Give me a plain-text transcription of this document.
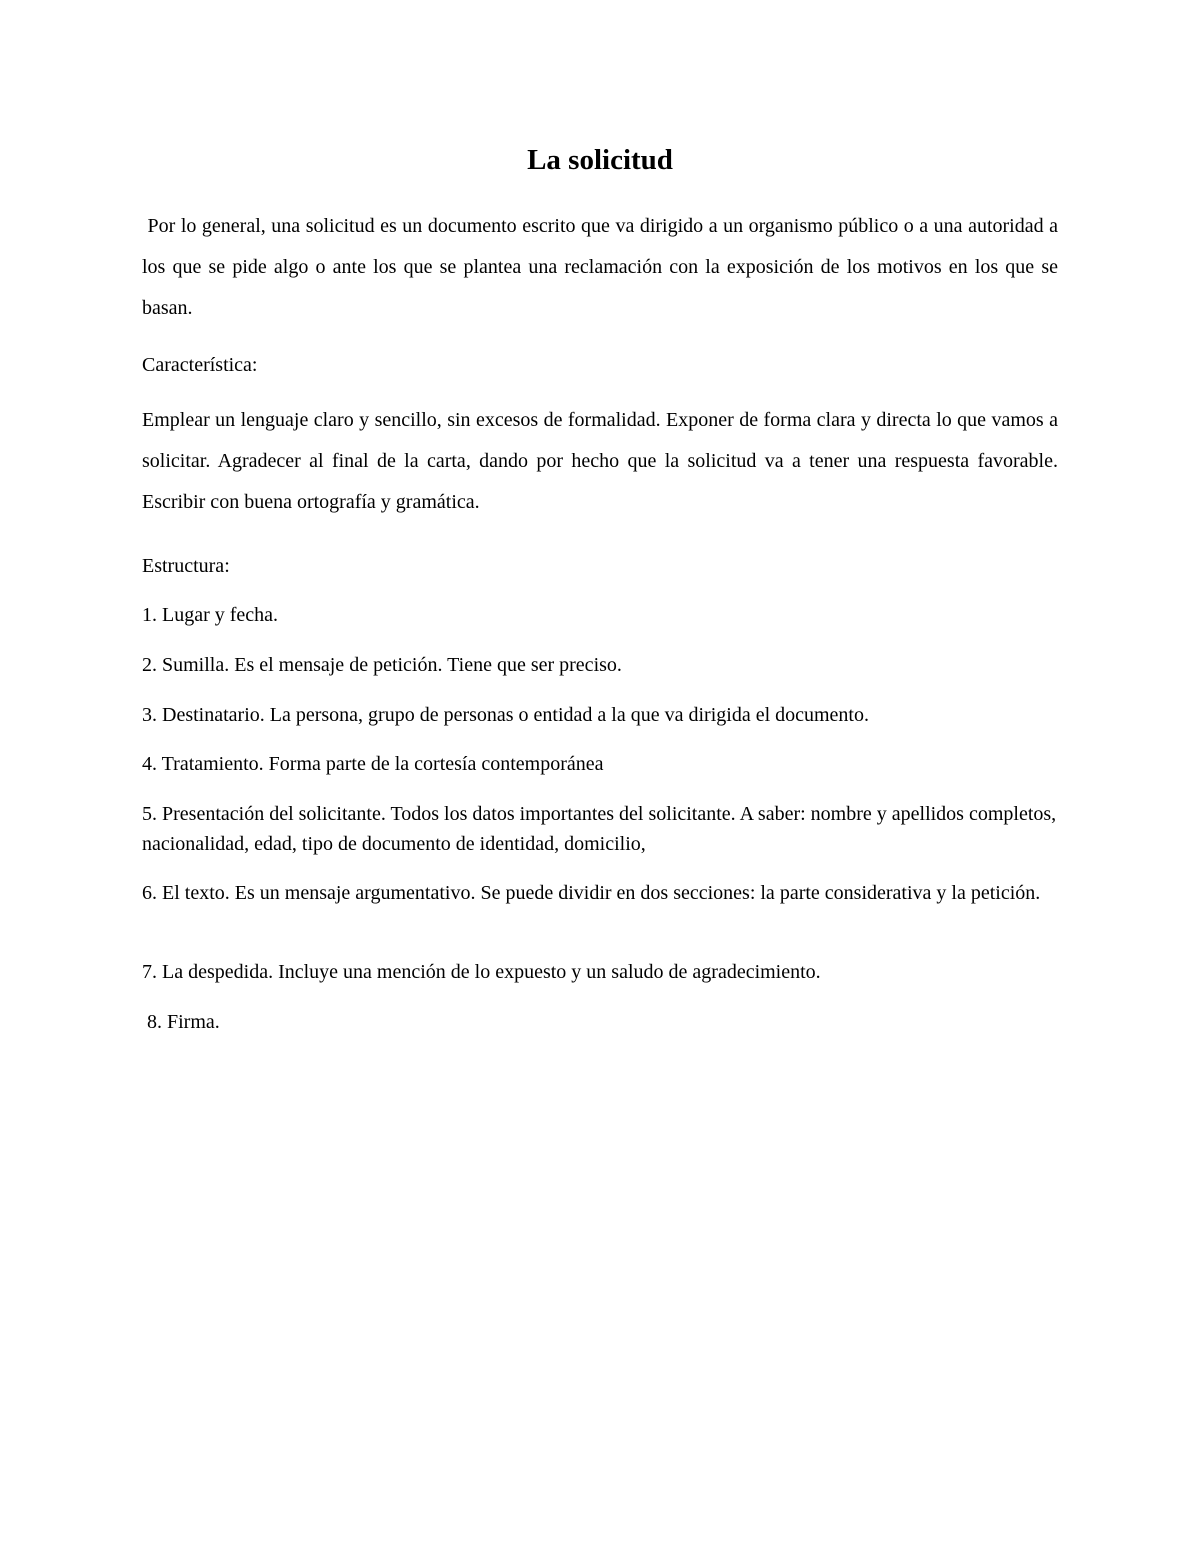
La solicitud

Por lo general, una solicitud es un documento escrito que va dirigido a un organismo público o a una autoridad a los que se pide algo o ante los que se plantea una reclamación con la exposición de los motivos en los que se basan.

Característica:

Emplear un lenguaje claro y sencillo, sin excesos de formalidad. Exponer de forma clara y directa lo que vamos a solicitar. Agradecer al final de la carta, dando por hecho que la solicitud va a tener una respuesta favorable. Escribir con buena ortografía y gramática.

Estructura:

1. Lugar y fecha.

2. Sumilla. Es el mensaje de petición. Tiene que ser preciso.

3. Destinatario. La persona, grupo de personas o entidad a la que va dirigida el documento.

4. Tratamiento. Forma parte de la cortesía contemporánea

5. Presentación del solicitante. Todos los datos importantes del solicitante. A saber: nombre y apellidos completos, nacionalidad, edad, tipo de documento de identidad, domicilio,

6. El texto. Es un mensaje argumentativo. Se puede dividir en dos secciones: la parte considerativa y la petición.

7. La despedida. Incluye una mención de lo expuesto y un saludo de agradecimiento.

8. Firma.
